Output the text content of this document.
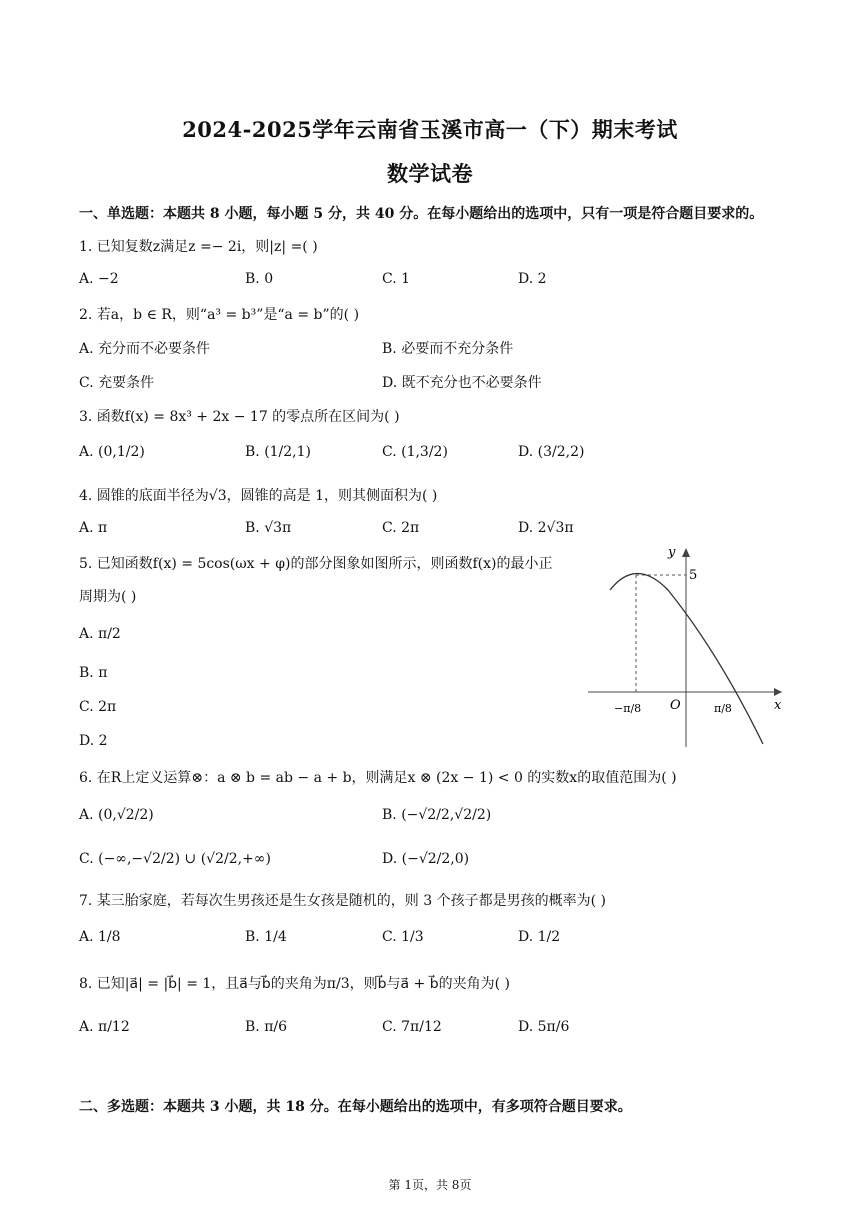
2024-2025学年云南省玉溪市高一（下）期末考试
数学试卷
一、单选题：本题共 8 小题，每小题 5 分，共 40 分。在每小题给出的选项中，只有一项是符合题目要求的。
1. 已知复数z满足z =− 2i，则|z| =( )
A. −2	B. 0	C. 1	D. 2
2. 若a，b ∈ R，则“a³ = b³”是“a = b”的( )
A. 充分而不必要条件	B. 必要而不充分条件
C. 充要条件	D. 既不充分也不必要条件
3. 函数f(x) = 8x³ + 2x − 17 的零点所在区间为( )
A. (0,1/2)	B. (1/2,1)	C. (1,3/2)	D. (3/2,2)
4. 圆锥的底面半径为√3，圆锥的高是 1，则其侧面积为( )
A. π	B. √3π	C. 2π	D. 2√3π
5. 已知函数f(x) = 5cos(ωx + φ)的部分图象如图所示，则函数f(x)的最小正
周期为( )
A. π/2
B. π
C. 2π
D. 2
y
x
O
5
−π/8	π/8
6. 在R上定义运算⊗：a ⊗ b = ab − a + b，则满足x ⊗ (2x − 1) < 0 的实数x的取值范围为( )
A. (0,√2/2)	B. (−√2/2,√2/2)
C. (−∞,−√2/2) ∪ (√2/2,+∞)	D. (−√2/2,0)
7. 某三胎家庭，若每次生男孩还是生女孩是随机的，则 3 个孩子都是男孩的概率为( )
A. 1/8	B. 1/4	C. 1/3	D. 1/2
8. 已知|a⃗| = |b⃗| = 1，且a⃗与b⃗的夹角为π/3，则b⃗与a⃗ + b⃗的夹角为( )
A. π/12	B. π/6	C. 7π/12	D. 5π/6
二、多选题：本题共 3 小题，共 18 分。在每小题给出的选项中，有多项符合题目要求。
第 1页，共 8页
